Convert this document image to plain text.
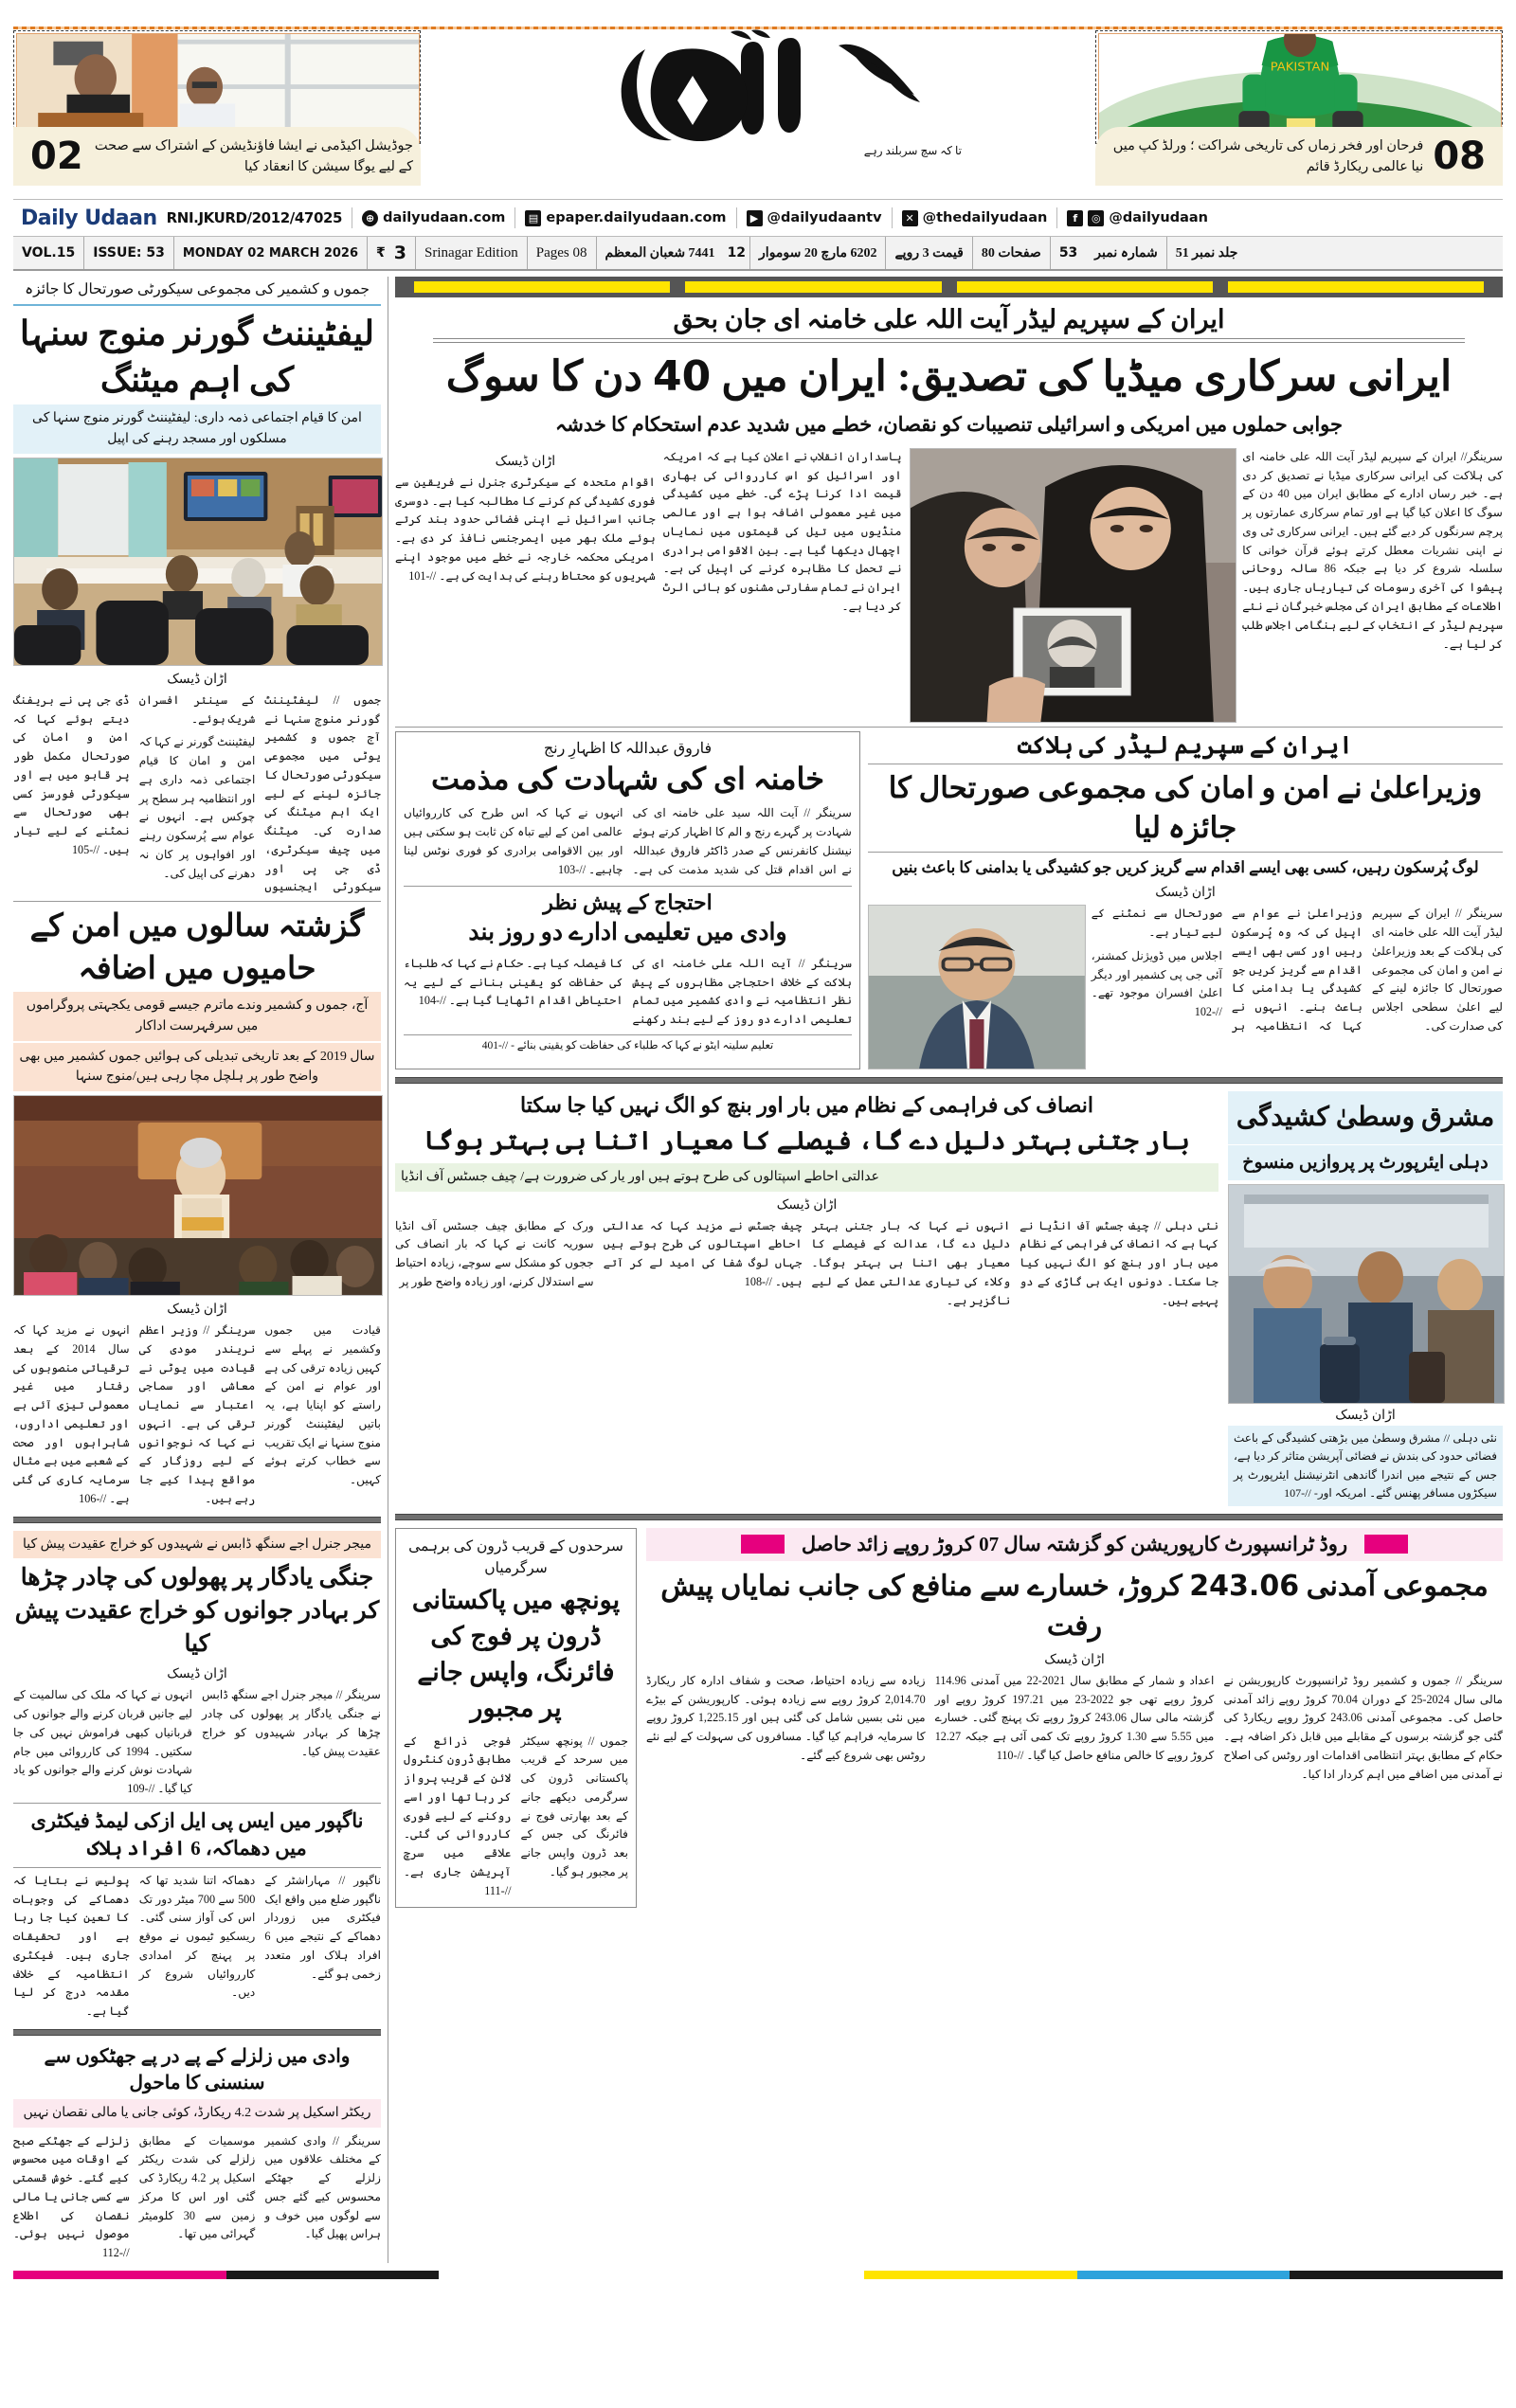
02 جوڈیشل اکیڈمی نے ایشا فاؤنڈیشن کے اشتراک سے صحت کے لیے یوگا سیشن کا انعقاد کیا
تا کہ سچ سربلند رہے
PAKISTAN
08
فرحان اور فخر زماں کی تاریخی شراکت ؛ ورلڈ کپ میں نیا عالمی ریکارڈ قائم
Daily Udaan RNI.JKURD/2012/47025	⊕ dailyudaan.com ▤ epaper.dailyudaan.com	▶ @dailyudaantv	✕ @thedailyudaan	f	◎ @dailyudaan
VOL.15	ISSUE: 53	MONDAY 02 MARCH 2026	₹ 3	Srinagar Edition	Pages 08	1447 شعبان المعظم 12	2026 مارچ 02 سوموار	قیمت 3 روپے	صفحات 08	53	شمارہ نمبر	جلد نمبر 15
جموں و کشمیر کی مجموعی سیکورٹی صورتحال کا جائزہ
لیفٹیننٹ گورنر منوج سنہا کی اہم میٹنگ
امن کا قیام اجتماعی ذمہ داری: لیفٹیننٹ گورنر منوج سنہا کی مسلکوں اور مسجد رہنے کی اپیل
اڑان ڈیسک

جموں // لیفٹیننٹ گورنر منوج سنہا نے آج جموں و کشمیر یوٹی میں مجموعی سیکورٹی صورتحال کا جائزہ لینے کے لیے ایک اہم میٹنگ کی صدارت کی۔ میٹنگ میں چیف سیکرٹری، ڈی جی پی اور سیکورٹی ایجنسیوں کے سینئر افسران شریک ہوئے۔

لیفٹیننٹ گورنر نے کہا کہ امن و امان کا قیام اجتماعی ذمہ داری ہے اور انتظامیہ ہر سطح پر چوکس ہے۔ انہوں نے عوام سے پُرسکون رہنے اور افواہوں پر کان نہ دھرنے کی اپیل کی۔

ڈی جی پی نے بریفنگ دیتے ہوئے کہا کہ امن و امان کی صورتحال مکمل طور پر قابو میں ہے اور سیکورٹی فورسز کسی بھی صورتحال سے نمٹنے کے لیے تیار ہیں۔ //-105

گزشتہ سالوں میں امن کے حامیوں میں اضافہ
آج، جموں و کشمیر وندے ماترم جیسے قومی یکجہتی پروگراموں میں سرفہرست اداکار
سال 2019 کے بعد تاریخی تبدیلی کی ہوائیں جموں کشمیر میں بھی واضح طور پر ہلچل مچا رہی ہیں/منوج سنہا
اڑان ڈیسک

قیادت میں جموں وکشمیر نے پہلے سے کہیں زیادہ ترقی کی ہے اور عوام نے امن کے راستے کو اپنایا ہے، یہ باتیں لیفٹیننٹ گورنر منوج سنہا نے ایک تقریب سے خطاب کرتے ہوئے کہیں۔

سرینگر // وزیر اعظم نریندر مودی کی قیادت میں یوٹی نے معاشی اور سماجی اعتبار سے نمایاں ترقی کی ہے۔ انہوں نے کہا کہ نوجوانوں کے لیے روزگار کے مواقع پیدا کیے جا رہے ہیں۔

انہوں نے مزید کہا کہ سال 2014 کے بعد ترقیاتی منصوبوں کی رفتار میں غیر معمولی تیزی آئی ہے اور تعلیمی اداروں، شاہراہوں اور صحت کے شعبے میں بے مثال سرمایہ کاری کی گئی ہے۔ //-106

میجر جنرل اجے سنگھ ڈابس نے شہیدوں کو خراج عقیدت پیش کیا
جنگی یادگار پر پھولوں کی چادر چڑھا کر بہادر جوانوں کو خراج عقیدت پیش کیا
اڑان ڈیسک

سرینگر // میجر جنرل اجے سنگھ ڈابس نے جنگی یادگار پر پھولوں کی چادر چڑھا کر بہادر شہیدوں کو خراج عقیدت پیش کیا۔

انہوں نے کہا کہ ملک کی سالمیت کے لیے جانیں قربان کرنے والے جوانوں کی قربانیاں کبھی فراموش نہیں کی جا سکتیں۔ 1994 کی کارروائی میں جام شہادت نوش کرنے والے جوانوں کو یاد کیا گیا۔ //-109

ناگپور میں ایس پی ایل ازکی لیمڈ فیکٹری میں دھماکہ، 6 افراد ہلاک

ناگپور // مہاراشٹر کے ناگپور ضلع میں واقع ایک فیکٹری میں زوردار دھماکے کے نتیجے میں 6 افراد ہلاک اور متعدد زخمی ہو گئے۔

دھماکہ اتنا شدید تھا کہ 500 سے 700 میٹر دور تک اس کی آواز سنی گئی۔ ریسکیو ٹیموں نے موقع پر پہنچ کر امدادی کارروائیاں شروع کر دیں۔

پولیس نے بتایا کہ دھماکے کی وجوہات کا تعین کیا جا رہا ہے اور تحقیقات جاری ہیں۔ فیکٹری انتظامیہ کے خلاف مقدمہ درج کر لیا گیا ہے۔

وادی میں زلزلے کے پے در پے جھٹکوں سے سنسنی کا ماحول
ریکٹر اسکیل پر شدت 4.2 ریکارڈ، کوئی جانی یا مالی نقصان نہیں

سرینگر // وادی کشمیر کے مختلف علاقوں میں زلزلے کے جھٹکے محسوس کیے گئے جس سے لوگوں میں خوف و ہراس پھیل گیا۔

موسمیات کے مطابق زلزلے کی شدت ریکٹر اسکیل پر 4.2 ریکارڈ کی گئی اور اس کا مرکز زمین سے 30 کلومیٹر گہرائی میں تھا۔

زلزلے کے جھٹکے صبح کے اوقات میں محسوس کیے گئے۔ خوش قسمتی سے کسی جانی یا مالی نقصان کی اطلاع موصول نہیں ہوئی۔ //-112

ایران کے سپریم لیڈر آیت اللہ علی خامنہ ای جان بحق
ایرانی سرکاری میڈیا کی تصدیق: ایران میں 40 دن کا سوگ
جوابی حملوں میں امریکی و اسرائیلی تنصیبات کو نقصان، خطے میں شدید عدم استحکام کا خدشہ
اڑان ڈیسک

اقوام متحدہ کے سیکرٹری جنرل نے فریقین سے فوری کشیدگی کم کرنے کا مطالبہ کیا ہے۔ دوسری جانب اسرائیل نے اپنی فضائی حدود بند کرتے ہوئے ملک بھر میں ایمرجنسی نافذ کر دی ہے۔ امریکی محکمہ خارجہ نے خطے میں موجود اپنے شہریوں کو محتاط رہنے کی ہدایت کی ہے۔ //-101

پاسداران انقلاب نے اعلان کیا ہے کہ امریکہ اور اسرائیل کو اس کارروائی کی بھاری قیمت ادا کرنا پڑے گی۔ خطے میں کشیدگی میں غیر معمولی اضافہ ہوا ہے اور عالمی منڈیوں میں تیل کی قیمتوں میں نمایاں اچھال دیکھا گیا ہے۔ بین الاقوامی برادری نے تحمل کا مظاہرہ کرنے کی اپیل کی ہے۔ ایران نے تمام سفارتی مشنوں کو ہائی الرٹ کر دیا ہے۔

سرینگر// ایران کے سپریم لیڈر آیت اللہ علی خامنہ ای کی ہلاکت کی ایرانی سرکاری میڈیا نے تصدیق کر دی ہے۔ خبر رساں ادارے کے مطابق ایران میں 40 دن کے سوگ کا اعلان کیا گیا ہے اور تمام سرکاری عمارتوں پر پرچم سرنگوں کر دیے گئے ہیں۔ ایرانی سرکاری ٹی وی نے اپنی نشریات معطل کرتے ہوئے قرآن خوانی کا سلسلہ شروع کر دیا ہے جبکہ 86 سالہ روحانی پیشوا کی آخری رسومات کی تیاریاں جاری ہیں۔ اطلاعات کے مطابق ایران کی مجلس خبرگان نے نئے سپریم لیڈر کے انتخاب کے لیے ہنگامی اجلاس طلب کر لیا ہے۔

فاروق عبداللہ کا اظہارِ رنج
خامنہ ای کی شہادت کی مذمت

سرینگر // آیت اللہ سید علی خامنہ ای کی شہادت پر گہرے رنج و الم کا اظہار کرتے ہوئے نیشنل کانفرنس کے صدر ڈاکٹر فاروق عبداللہ نے اس اقدام قتل کی شدید مذمت کی ہے۔ انہوں نے کہا کہ اس طرح کی کارروائیاں عالمی امن کے لیے تباہ کن ثابت ہو سکتی ہیں اور بین الاقوامی برادری کو فوری نوٹس لینا چاہیے۔ //-103

احتجاج کے پیش نظر
وادی میں تعلیمی ادارے دو روز بند

سرینگر // آیت اللہ علی خامنہ ای کی ہلاکت کے خلاف احتجاجی مظاہروں کے پیش نظر انتظامیہ نے وادی کشمیر میں تمام تعلیمی ادارے دو روز کے لیے بند رکھنے کا فیصلہ کیا ہے۔ حکام نے کہا کہ طلباء کی حفاظت کو یقینی بنانے کے لیے یہ احتیاطی اقدام اٹھایا گیا ہے۔ //-104

تعلیم سلینہ ایٹو نے کہا کہ طلباء کی حفاظت کو یقینی بنائے - //-104
ایران کے سپریم لیڈر کی ہلاکت
وزیراعلیٰ نے امن و امان کی مجموعی صورتحال کا جائزہ لیا
لوگ پُرسکون رہیں، کسی بھی ایسے اقدام سے گریز کریں جو کشیدگی یا بدامنی کا باعث بنیں
اڑان ڈیسک

سرینگر // ایران کے سپریم لیڈر آیت اللہ علی خامنہ ای کی ہلاکت کے بعد وزیراعلیٰ نے امن و امان کی مجموعی صورتحال کا جائزہ لینے کے لیے اعلیٰ سطحی اجلاس کی صدارت کی۔

وزیراعلیٰ نے عوام سے اپیل کی کہ وہ پُرسکون رہیں اور کسی بھی ایسے اقدام سے گریز کریں جو کشیدگی یا بدامنی کا باعث بنے۔ انہوں نے کہا کہ انتظامیہ ہر صورتحال سے نمٹنے کے لیے تیار ہے۔

اجلاس میں ڈویژنل کمشنر، آئی جی پی کشمیر اور دیگر اعلیٰ افسران موجود تھے۔ //-102

انصاف کی فراہمی کے نظام میں بار اور بنچ کو الگ نہیں کیا جا سکتا
بار جتنی بہتر دلیل دے گا، فیصلے کا معیار اتنا ہی بہتر ہوگا
عدالتی احاطے اسپتالوں کی طرح ہوتے ہیں اور یار کی ضرورت ہے/ چیف جسٹس آف انڈیا
اڑان ڈیسک

نئی دہلی // چیف جسٹس آف انڈیا نے کہا ہے کہ انصاف کی فراہمی کے نظام میں بار اور بنچ کو الگ نہیں کیا جا سکتا۔ دونوں ایک ہی گاڑی کے دو پہیے ہیں۔

انہوں نے کہا کہ بار جتنی بہتر دلیل دے گا، عدالت کے فیصلے کا معیار بھی اتنا ہی بہتر ہوگا۔ وکلاء کی تیاری عدالتی عمل کے لیے ناگزیر ہے۔

چیف جسٹس نے مزید کہا کہ عدالتی احاطے اسپتالوں کی طرح ہوتے ہیں جہاں لوگ شفا کی امید لے کر آتے ہیں۔ //-108

ورک کے مطابق چیف جسٹس آف انڈیا سوریہ کانت نے کہا کہ بار انصاف کی ججوں کو مشکل سے سوچے، زیادہ احتیاط سے استدلال کرنے، اور زیادہ واضح طور پر

مشرق وسطیٰ کشیدگی
دہلی ایئرپورٹ پر پروازیں منسوخ
اڑان ڈیسک
نئی دہلی // مشرق وسطیٰ میں بڑھتی کشیدگی کے باعث فضائی حدود کی بندش نے فضائی آپریشن متاثر کر دیا ہے، جس کے نتیجے میں اندرا گاندھی انٹرنیشنل ایئرپورٹ پر سیکڑوں مسافر پھنس گئے۔ امریکہ اور- //-107
سرحدوں کے قریب ڈرون کی برہمی سرگرمیاں
پونچھ میں پاکستانی ڈرون پر فوج کی فائرنگ، واپس جانے پر مجبور

جموں // پونچھ سیکٹر میں سرحد کے قریب پاکستانی ڈرون کی سرگرمی دیکھے جانے کے بعد بھارتی فوج نے فائرنگ کی جس کے بعد ڈرون واپس جانے پر مجبور ہو گیا۔

فوجی ذرائع کے مطابق ڈرون کنٹرول لائن کے قریب پرواز کر رہا تھا اور اسے روکنے کے لیے فوری کارروائی کی گئی۔ علاقے میں سرچ آپریشن جاری ہے۔ //-111

روڈ ٹرانسپورٹ کارپوریشن کو گزشتہ سال 70 کروڑ روپے زائد حاصل
مجموعی آمدنی 243.06 کروڑ، خسارے سے منافع کی جانب نمایاں پیش رفت
اڑان ڈیسک

سرینگر // جموں و کشمیر روڈ ٹرانسپورٹ کارپوریشن نے مالی سال 2024-25 کے دوران 70.04 کروڑ روپے زائد آمدنی حاصل کی۔ مجموعی آمدنی 243.06 کروڑ روپے ریکارڈ کی گئی جو گزشتہ برسوں کے مقابلے میں قابل ذکر اضافہ ہے۔ حکام کے مطابق بہتر انتظامی اقدامات اور روٹس کی اصلاح نے آمدنی میں اضافے میں اہم کردار ادا کیا۔

اعداد و شمار کے مطابق سال 2021-22 میں آمدنی 114.96 کروڑ روپے تھی جو 2022-23 میں 197.21 کروڑ روپے اور گزشتہ مالی سال 243.06 کروڑ روپے تک پہنچ گئی۔ خسارے میں 5.55 سے 1.30 کروڑ روپے تک کمی آئی ہے جبکہ 12.27 کروڑ روپے کا خالص منافع حاصل کیا گیا۔ //-110

زیادہ سے زیادہ احتیاط، صحت و شفاف ادارہ کار ریکارڈ 2,014.70 کروڑ روپے سے زیادہ ہوئی۔ کارپوریشن کے بیڑے میں نئی بسیں شامل کی گئی ہیں اور 1,225.15 کروڑ روپے کا سرمایہ فراہم کیا گیا۔ مسافروں کی سہولت کے لیے نئے روٹس بھی شروع کیے گئے۔
